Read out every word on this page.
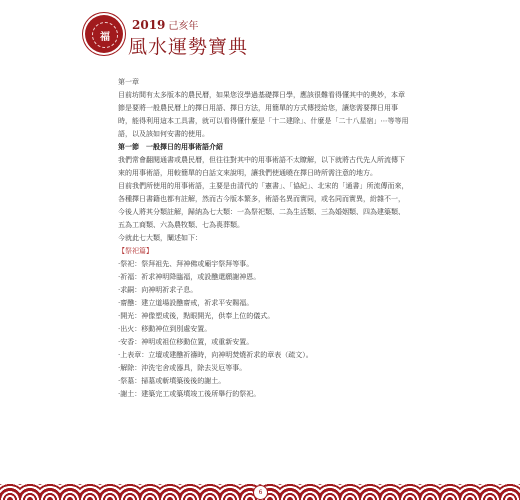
福
2019 己亥年
風水運勢寶典

第一章

目前坊間有太多版本的農民曆，如果您沒學過基礎擇日學，應該很難看得懂其中的奧妙，本章節是要將一般農民曆上的擇日用語、擇日方法，用簡單的方式傳授給您，讓您需要擇日用事時，能得利用這本工具書，就可以看得懂什麼是「十二建除」、什麼是「二十八星宿」⋯等等用語，以及該如何安書的使用。

第一節　一般擇日的用事術語介紹

我們常會翻閱通書或農民曆，但往往對其中的用事術語不太瞭解，以下就將古代先人所流傳下來的用事術語，用較簡單的白話文來說明，讓我們使通曉在擇日時所需注意的地方。

目前我們所使用的用事術語，主要是由清代的「憲書」、「協紀」、北宋的「通書」所流傳而來，各種擇日書籍也都有註解，然而古今版本繁多，術語名異而實同，或名同而實異，紛雜不一，今後人將其分類註解，歸納為七大類：一為祭祀類、二為生活類、三為婚姻類、四為建築類、五為工商類、六為農牧類、七為喪葬類。

今就此七大類，闡述如下：

【祭祀篇】

‧祭祀：祭拜祖先、拜神佛或廟宇祭拜等事。
‧祈福：祈求神明降臨福，或設醮還願謝神恩。
‧求嗣：向神明祈求子息。
‧齋醮：建立道場設醮齋戒，祈求平安賜福。
‧開光：神像塑成後，點眼開光，供奉上位的儀式。
‧出火：移動神位到別處安置。
‧安香：神明或祖位移動位置，或重新安置。
‧上表章：立壇或建醮祈禱時，向神明焚燒祈求的章表（疏文）。
‧解除：沖洗宅舍或器具，除去災厄等事。
‧祭墓：掃墓或斬墳築後後的謝土。
‧謝土：建築完工或築墳竣工後所舉行的祭祀。
6
